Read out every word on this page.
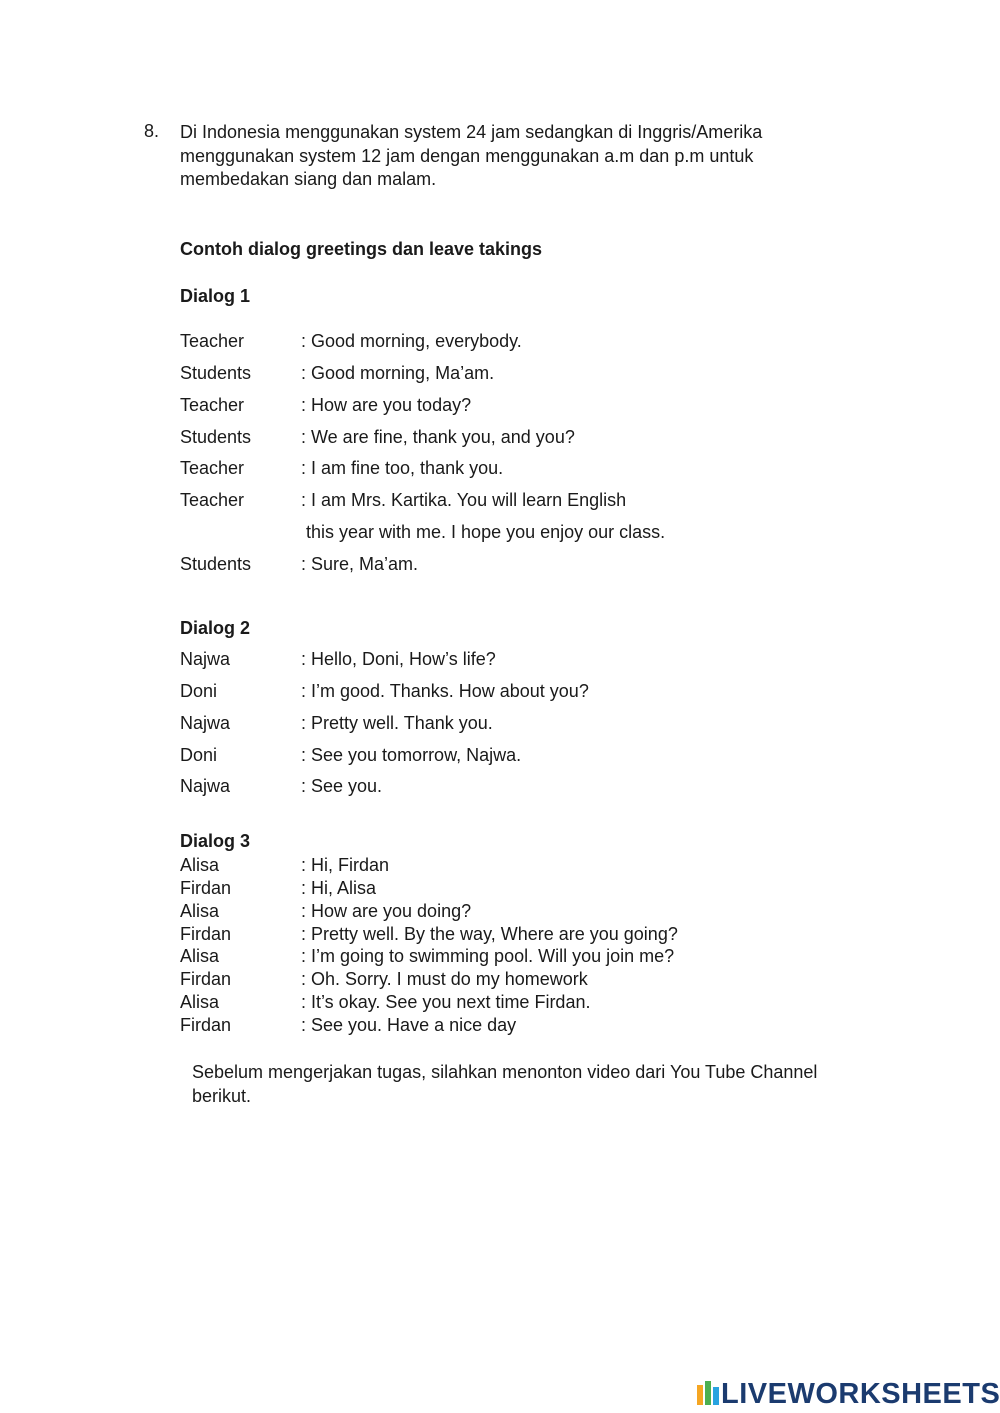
8. Di Indonesia menggunakan system 24 jam sedangkan di Inggris/Amerika
menggunakan system 12 jam dengan menggunakan a.m dan p.m untuk
membedakan siang dan malam.
Contoh dialog greetings dan leave takings
Dialog 1
Dialog 2
Dialog 3
Teacher	: Good morning, everybody.
Students	: Good morning, Ma’am.
Teacher	: How are you today?
Students	: We are fine, thank you, and you?
Teacher	: I am fine too, thank you.
Teacher	: I am Mrs. Kartika. You will learn English
this year with me. I hope you enjoy our class.
Students	: Sure, Ma’am.
Najwa	: Hello, Doni, How’s life?
Doni	: I’m good. Thanks. How about you?
Najwa	: Pretty well. Thank you.
Doni	: See you tomorrow, Najwa.
Najwa	: See you.
Alisa	: Hi, Firdan
Firdan	: Hi, Alisa
Alisa	: How are you doing?
Firdan	: Pretty well. By the way, Where are you going?
Alisa	: I’m going to swimming pool. Will you join me?
Firdan	: Oh. Sorry. I must do my homework
Alisa	: It’s okay. See you next time Firdan.
Firdan	: See you. Have a nice day
Sebelum mengerjakan tugas, silahkan menonton video dari You Tube Channel
berikut.
LIVEWORKSHEETS
